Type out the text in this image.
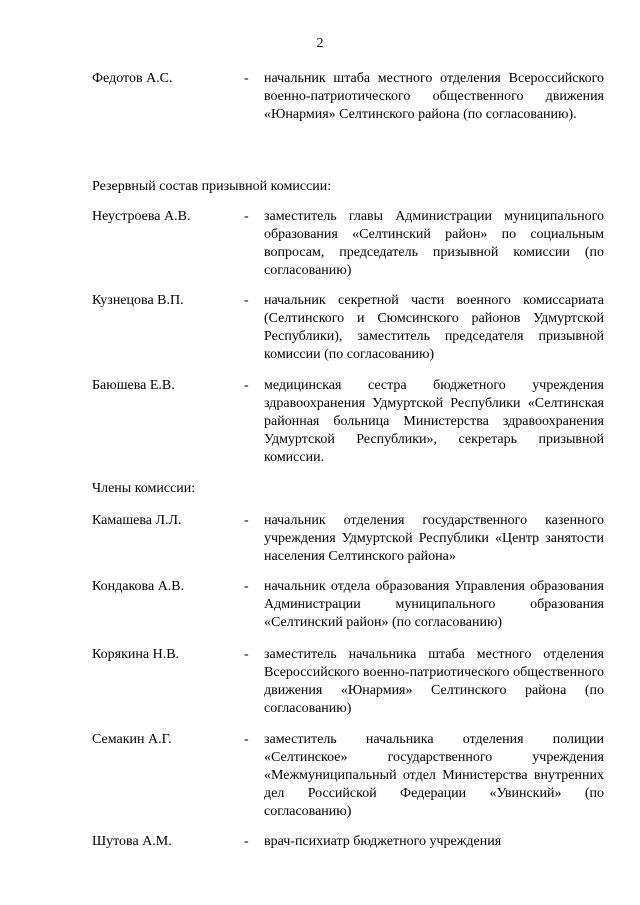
2
Федотов А.С.	- начальник штаба местного отделения Всероссийского военно-патриотического общественного движения «Юнармия» Селтинского района (по согласованию).
Резервный состав призывной комиссии:
Неустроева А.В.	- заместитель главы Администрации муниципального образования «Селтинский район» по социальным вопросам, председатель призывной комиссии (по согласованию)
Кузнецова В.П.	- начальник секретной части военного комиссариата (Селтинского и Сюмсинского районов Удмуртской Республики), заместитель председателя призывной комиссии (по согласованию)
Баюшева Е.В.	- медицинская сестра бюджетного учреждения здравоохранения Удмуртской Республики «Селтинская районная больница Министерства здравоохранения Удмуртской Республики», секретарь призывной комиссии.
Члены комиссии:
Камашева Л.Л.	- начальник отделения государственного казенного учреждения Удмуртской Республики «Центр занятости населения Селтинского района»
Кондакова А.В.	- начальник отдела образования Управления образования Администрации муниципального образования «Селтинский район» (по согласованию)
Корякина Н.В.	- заместитель начальника штаба местного отделения Всероссийского военно-патриотического общественного движения «Юнармия» Селтинского района (по согласованию)
Семакин А.Г.	- заместитель начальника отделения полиции «Селтинское» государственного учреждения «Межмуниципальный отдел Министерства внутренних дел Российской Федерации «Увинский» (по согласованию)
Шутова А.М.	- врач-психиатр бюджетного учреждения
